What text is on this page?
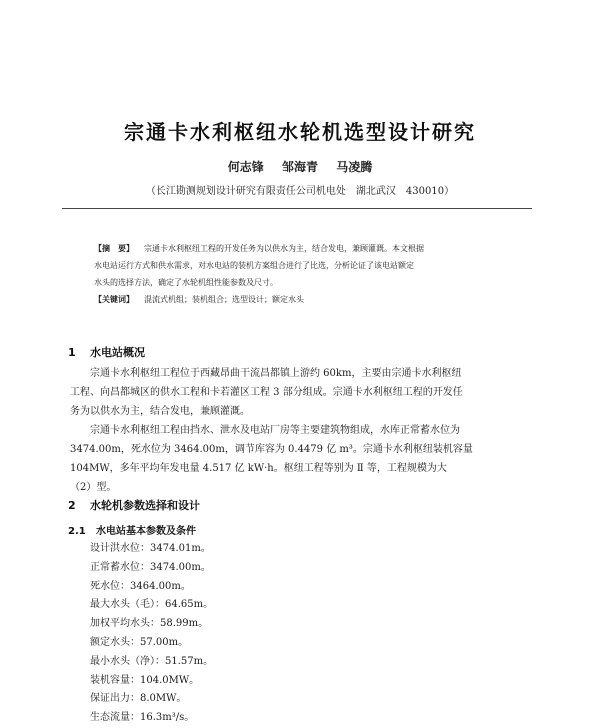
宗通卡水利枢纽水轮机选型设计研究
何志锋 邹海青 马凌腾
（长江勘测规划设计研究有限责任公司机电处　湖北武汉　430010）
【摘　要】 宗通卡水利枢纽工程的开发任务为以供水为主，结合发电，兼顾灌溉。本文根据
水电站运行方式和供水需求，对水电站的装机方案组合进行了比选，分析论证了该电站额定
水头的选择方法，确定了水轮机组性能参数及尺寸。
【关键词】 混流式机组；装机组合；选型设计；额定水头
1 水电站概况
宗通卡水利枢纽工程位于西藏昂曲干流昌都镇上游约 60km，主要由宗通卡水利枢纽
工程、向昌都城区的供水工程和卡若灌区工程 3 部分组成。宗通卡水利枢纽工程的开发任
务为以供水为主，结合发电，兼顾灌溉。
宗通卡水利枢纽工程由挡水、泄水及电站厂房等主要建筑物组成，水库正常蓄水位为
3474.00m，死水位为 3464.00m，调节库容为 0.4479 亿 m³。宗通卡水利枢纽装机容量
104MW，多年平均年发电量 4.517 亿 kW·h。枢纽工程等别为 Ⅱ 等，工程规模为大
（2）型。
2 水轮机参数选择和设计
2.1 水电站基本参数及条件
设计洪水位：3474.01m。
正常蓄水位：3474.00m。
死水位：3464.00m。
最大水头（毛）：64.65m。
加权平均水头：58.99m。
额定水头：57.00m。
最小水头（净）：51.57m。
装机容量：104.0MW。
保证出力：8.0MW。
生态流量：16.3m³/s。
